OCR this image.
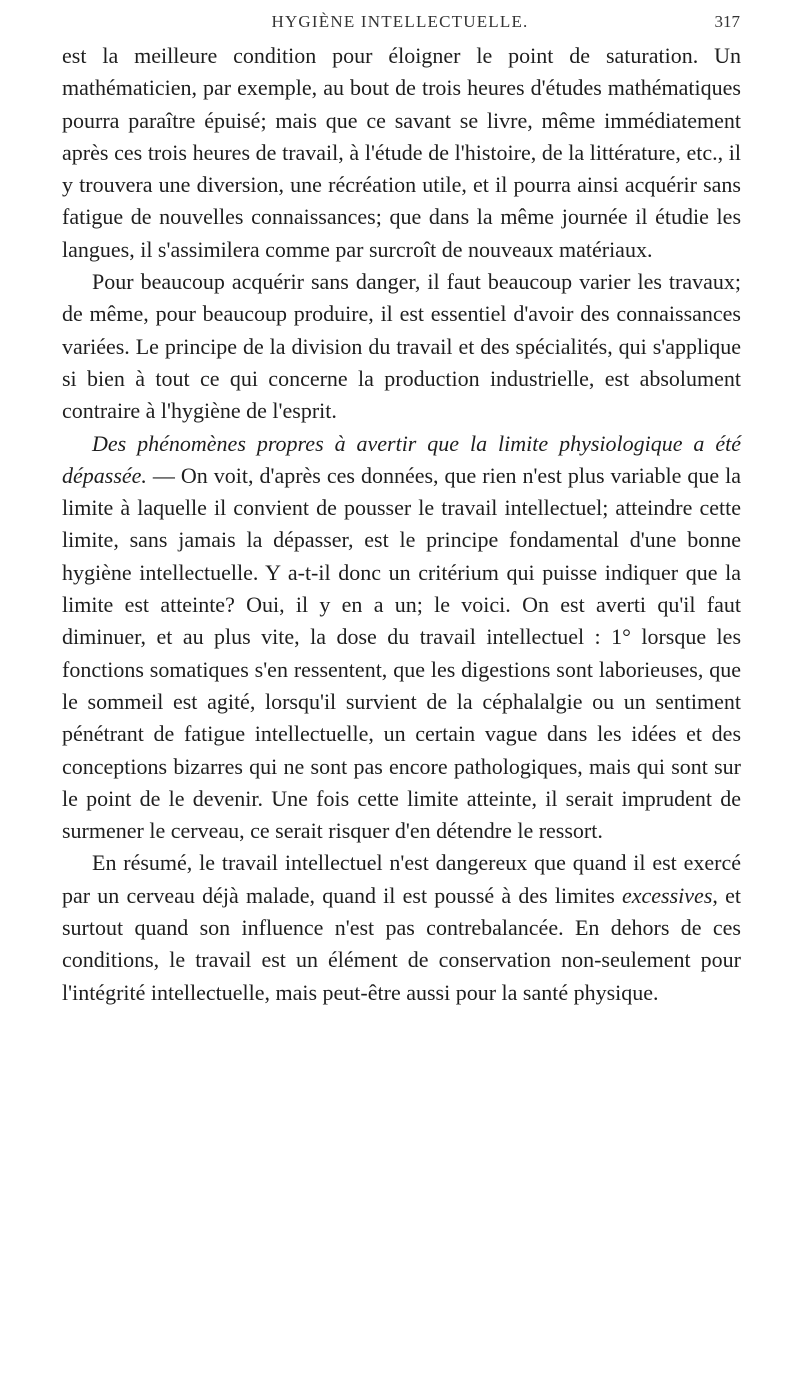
HYGIÈNE INTELLECTUELLE.	317

est la meilleure condition pour éloigner le point de saturation. Un mathématicien, par exemple, au bout de trois heures d'études mathématiques pourra paraître épuisé; mais que ce savant se livre, même immédiatement après ces trois heures de travail, à l'étude de l'histoire, de la littérature, etc., il y trouvera une diversion, une récréation utile, et il pourra ainsi acquérir sans fatigue de nouvelles connaissances; que dans la même journée il étudie les langues, il s'assimilera comme par surcroît de nouveaux matériaux.

Pour beaucoup acquérir sans danger, il faut beaucoup varier les travaux; de même, pour beaucoup produire, il est essentiel d'avoir des connaissances variées. Le principe de la division du travail et des spécialités, qui s'applique si bien à tout ce qui concerne la production industrielle, est absolument contraire à l'hygiène de l'esprit.

Des phénomènes propres à avertir que la limite physiologique a été dépassée. — On voit, d'après ces données, que rien n'est plus variable que la limite à laquelle il convient de pousser le travail intellectuel; atteindre cette limite, sans jamais la dépasser, est le principe fondamental d'une bonne hygiène intellectuelle. Y a-t-il donc un critérium qui puisse indiquer que la limite est atteinte? Oui, il y en a un; le voici. On est averti qu'il faut diminuer, et au plus vite, la dose du travail intellectuel : 1° lorsque les fonctions somatiques s'en ressentent, que les digestions sont laborieuses, que le sommeil est agité, lorsqu'il survient de la céphalalgie ou un sentiment pénétrant de fatigue intellectuelle, un certain vague dans les idées et des conceptions bizarres qui ne sont pas encore pathologiques, mais qui sont sur le point de le devenir. Une fois cette limite atteinte, il serait imprudent de surmener le cerveau, ce serait risquer d'en détendre le ressort.

En résumé, le travail intellectuel n'est dangereux que quand il est exercé par un cerveau déjà malade, quand il est poussé à des limites excessives, et surtout quand son influence n'est pas contrebalancée. En dehors de ces conditions, le travail est un élément de conservation non-seulement pour l'intégrité intellectuelle, mais peut-être aussi pour la santé physique.
